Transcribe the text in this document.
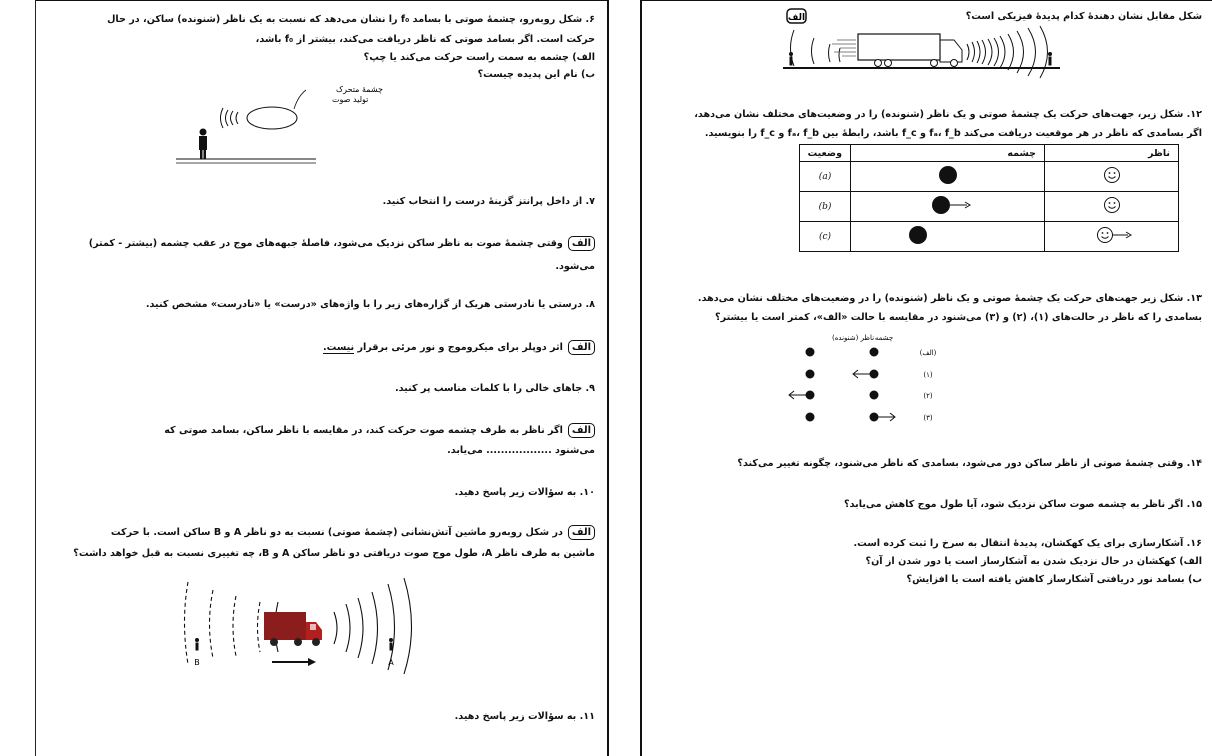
۶. شکل روبه‌رو، چشمهٔ صوتی با بسامد f₀ را نشان می‌دهد که نسبت به یک ناظر (شنونده) ساکن، در حال
حرکت است. اگر بسامد صوتی که ناظر دریافت می‌کند، بیشتر از f₀ باشد،
الف) چشمه به سمت راست حرکت می‌کند یا چپ؟
ب) نام این پدیده چیست؟
چشمهٔ متحرک
تولید صوت
۷. از داخل پرانتز گزینهٔ درست را انتخاب کنید.
الفوقتی چشمهٔ صوت به ناظر ساکن نزدیک می‌شود، فاصلهٔ جبهه‌های موج در عقب چشمه (بیشتر - کمتر)
می‌شود.
۸. درستی یا نادرستی هریک از گزاره‌های زیر را با واژه‌های «درست» یا «نادرست» مشخص کنید.
الفاثر دوپلر برای میکروموج و نور مرئی برقرار نیست.
۹. جاهای خالی را با کلمات مناسب پر کنید.
الفاگر ناظر به طرف چشمه صوت حرکت کند، در مقایسه با ناظر ساکن، بسامد صوتی که
می‌شنود .................. می‌یابد.
۱۰. به سؤالات زیر پاسخ دهید.
الفدر شکل روبه‌رو ماشین آتش‌نشانی (چشمهٔ صوتی) نسبت به دو ناظر A و B ساکن است. با حرکت
ماشین به طرف ناظر A، طول موج صوت دریافتی دو ناظر ساکن A و B، چه تغییری نسبت به قبل خواهد داشت؟
B	A
۱۱. به سؤالات زیر پاسخ دهید.
شکل مقابل نشان دهندهٔ کدام پدیدهٔ فیزیکی است؟
الف
۱۲. شکل زیر، جهت‌های حرکت یک چشمهٔ صوتی و یک ناظر (شنونده) را در وضعیت‌های مختلف نشان می‌دهد،
اگر بسامدی که ناظر در هر موقعیت دریافت می‌کند fₐ، f_b و f_c باشد، رابطهٔ بین fₐ، f_b و f_c را بنویسید.
ناظر	چشمه	وضعیت
		(a)
		(b)
		(c)
۱۳. شکل زیر جهت‌های حرکت یک چشمهٔ صوتی و یک ناظر (شنونده) را در وضعیت‌های مختلف نشان می‌دهد.
بسامدی را که ناظر در حالت‌های (۱)، (۲) و (۳) می‌شنود در مقایسه با حالت «الف»، کمتر است یا بیشتر؟
ناظر (شنونده) چشمه
(الف)
(۱)
(۲)
(۳)
۱۴. وقتی چشمهٔ صوتی از ناظر ساکن دور می‌شود، بسامدی که ناظر می‌شنود، چگونه تغییر می‌کند؟
۱۵. اگر ناظر به چشمه صوت ساکن نزدیک شود، آیا طول موج کاهش می‌یابد؟
۱۶. آشکارسازی برای یک کهکشان، پدیدهٔ انتقال به سرخ را ثبت کرده است.
الف) کهکشان در حال نزدیک شدن به آشکارساز است یا دور شدن از آن؟
ب) بسامد نور دریافتی آشکارساز کاهش یافته است یا افزایش؟
